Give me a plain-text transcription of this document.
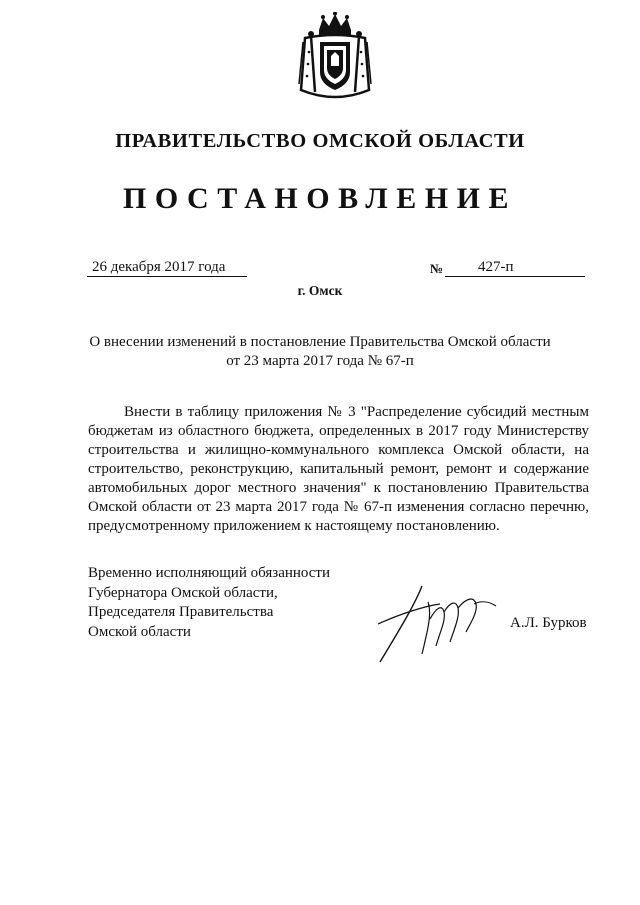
ПРАВИТЕЛЬСТВО ОМСКОЙ ОБЛАСТИ
ПОСТАНОВЛЕНИЕ
26 декабря 2017 года	№	427-п
г. Омск
О внесении изменений в постановление Правительства Омской области
от 23 марта 2017 года № 67-п
Внести в таблицу приложения № 3 "Распределение субсидий местным
бюджетам из областного бюджета, определенных в 2017 году Министерству
строительства и жилищно-коммунального комплекса Омской области, на
строительство, реконструкцию, капитальный ремонт, ремонт и содержание
автомобильных дорог местного значения" к постановлению Правительства
Омской области от 23 марта 2017 года № 67-п изменения согласно перечню,
предусмотренному приложением к настоящему постановлению.
Временно исполняющий обязанности
Губернатора Омской области,
Председателя Правительства
Омской области
А.Л. Бурков
